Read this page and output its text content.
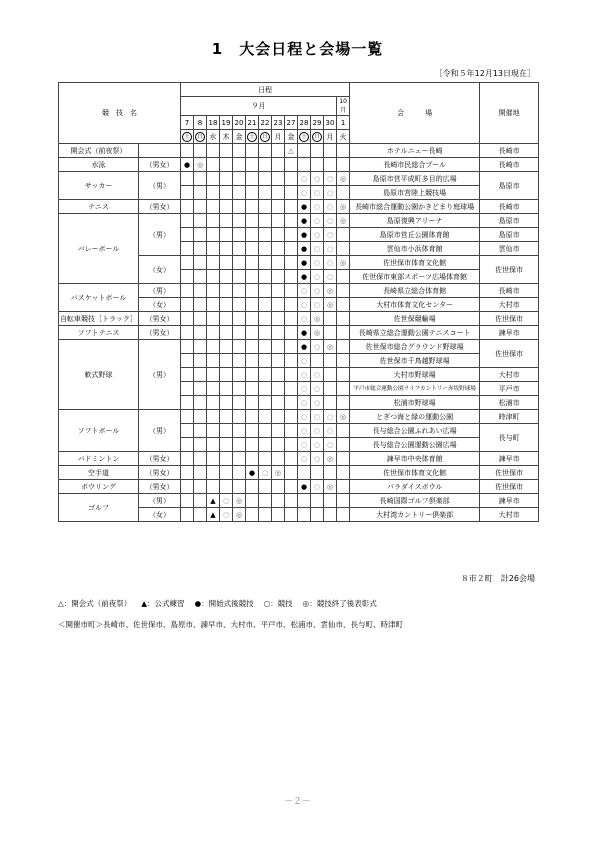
1　大会日程と会場一覧
［令和５年12月13日現在］
競　技　名		日程													会　　　場	開催地
		９月												10月		

		7	8	18	19	20	21	22	23	27	28	29	30	1		
		土	日	水	木	金	土	日	月	金	土	日	月	火		
開会式（前夜祭）										△					ホテルニュー長崎	長崎市
水泳	（男女）	●	◎												長崎市民総合プール	長崎市
サッカー	（男）										○	○	○	◎	島原市営平成町多目的広場	島原市
											○	○	○		島原市営陸上競技場	
テニス	（男女）										●	○	○	◎	長崎市総合運動公園かきどまり庭球場	長崎市
バレーボール	（男）										●	○	○	◎	島原復興アリーナ	島原市
											●	○	○		島原市営丘公園体育館	島原市
											●	○	○		雲仙市小浜体育館	雲仙市
	（女）										●	○	○	◎	佐世保市体育文化館	佐世保市
											●	○	○		佐世保市東部スポーツ広場体育館	
バスケットボール	（男）										○	○	◎		長崎県立総合体育館	長崎市
	（女）										○	○	◎		大村市体育文化センター	大村市
自転車競技［トラック］	（男女）										○	◎			佐世保競輪場	佐世保市
ソフトテニス	（男女）										●	◎			長崎県立総合運動公園テニスコート	諫早市
軟式野球	（男）										●	○	◎		佐世保市総合グラウンド野球場	佐世保市
											○				佐世保市千鳥越野球場	
											○	○			大村市野球場	大村市
											○	○			平戸市総合運動公園ライフカントリー赤坂野球場	平戸市
											○	○			松浦市野球場	松浦市
ソフトボール	（男）										○	○	○	◎	とぎつ海と緑の運動公園	時津町
											○	○	○		長与総合公園ふれあい広場	長与町
											○	○	○		長与総合公園運動公園広場	
バドミントン	（男女）										○	○	◎		諫早市中央体育館	諫早市
空手道	（男女）						●	○	◎						佐世保市体育文化館	佐世保市
ボウリング	（男女）										●	○	◎		パラダイスボウル	佐世保市
ゴルフ	（男）			▲	○	◎									長崎国際ゴルフ倶楽部	諫早市
	（女）			▲	○	◎									大村湾カントリー倶楽部	大村市
８市２町　計26会場
△：開会式（前夜祭） ▲：公式練習 ●：開始式後競技 ○：競技 ◎：競技終了後表彰式
＜開催市町＞長崎市、佐世保市、島原市、諫早市、大村市、平戸市、松浦市、雲仙市、長与町、時津町
－２－
